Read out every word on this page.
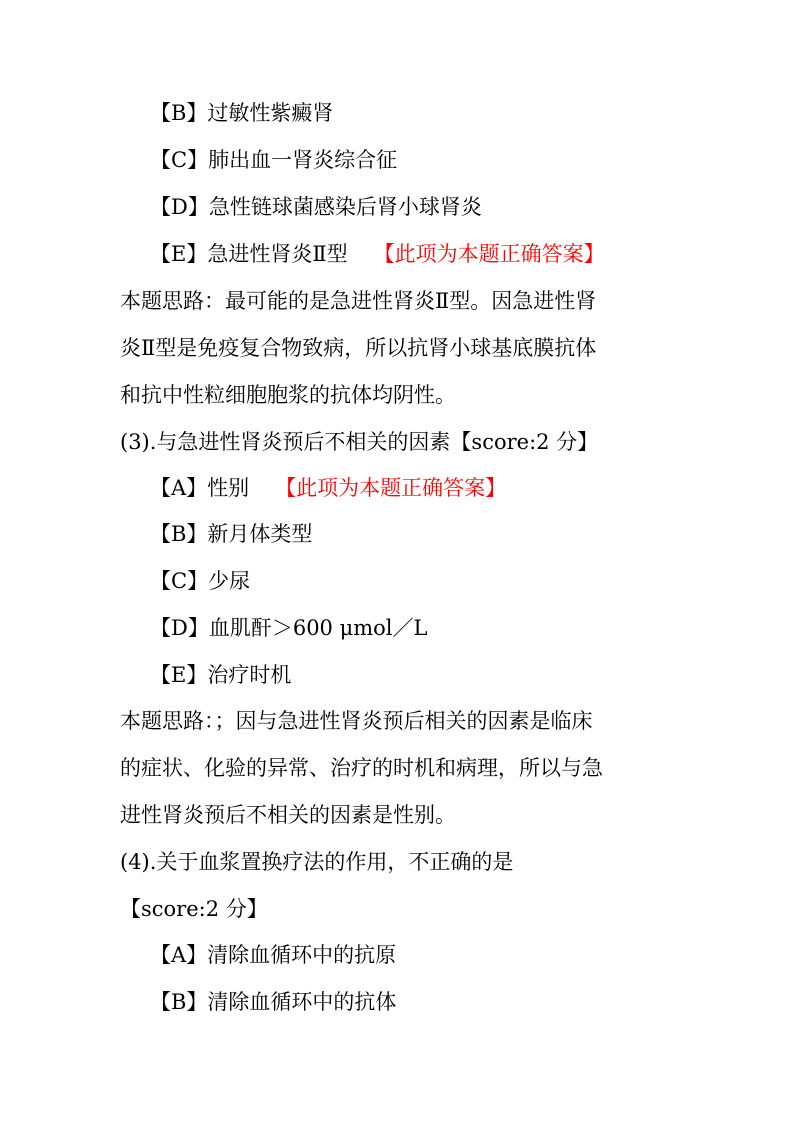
【B】过敏性紫癜肾
【C】肺出血一肾炎综合征
【D】急性链球菌感染后肾小球肾炎
【E】急进性肾炎Ⅱ型 【此项为本题正确答案】
本题思路：最可能的是急进性肾炎Ⅱ型。因急进性肾
炎Ⅱ型是免疫复合物致病，所以抗肾小球基底膜抗体
和抗中性粒细胞胞浆的抗体均阴性。
(3).与急进性肾炎预后不相关的因素【score:2 分】
【A】性别 【此项为本题正确答案】
【B】新月体类型
【C】少尿
【D】血肌酐＞600 μmol／L
【E】治疗时机
本题思路：；因与急进性肾炎预后相关的因素是临床
的症状、化验的异常、治疗的时机和病理，所以与急
进性肾炎预后不相关的因素是性别。
(4).关于血浆置换疗法的作用，不正确的是
【score:2 分】
【A】清除血循环中的抗原
【B】清除血循环中的抗体
